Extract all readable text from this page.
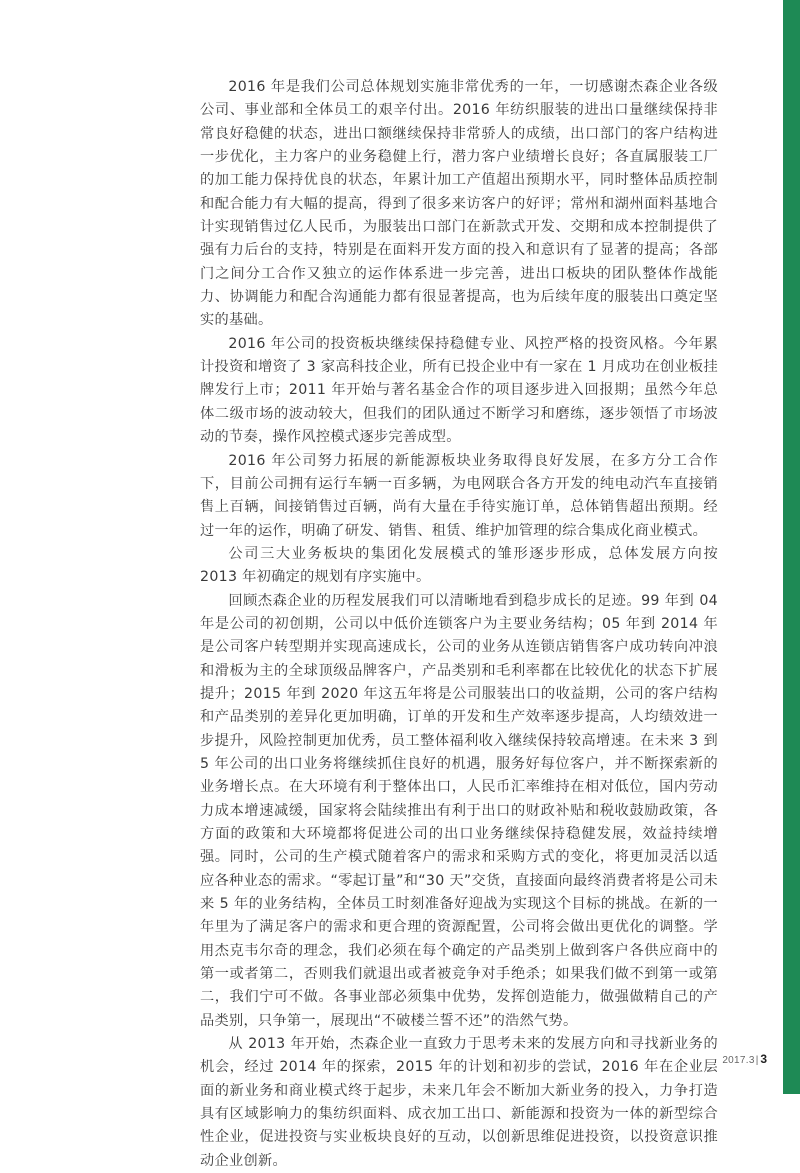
2016 年是我们公司总体规划实施非常优秀的一年，一切感谢杰森企业各级公司、事业部和全体员工的艰辛付出。2016 年纺织服装的进出口量继续保持非常良好稳健的状态，进出口额继续保持非常骄人的成绩，出口部门的客户结构进一步优化，主力客户的业务稳健上行，潜力客户业绩增长良好；各直属服装工厂的加工能力保持优良的状态，年累计加工产值超出预期水平，同时整体品质控制和配合能力有大幅的提高，得到了很多来访客户的好评；常州和湖州面料基地合计实现销售过亿人民币，为服装出口部门在新款式开发、交期和成本控制提供了强有力后台的支持，特别是在面料开发方面的投入和意识有了显著的提高；各部门之间分工合作又独立的运作体系进一步完善，进出口板块的团队整体作战能力、协调能力和配合沟通能力都有很显著提高，也为后续年度的服装出口奠定坚实的基础。

2016 年公司的投资板块继续保持稳健专业、风控严格的投资风格。今年累计投资和增资了 3 家高科技企业，所有已投企业中有一家在 1 月成功在创业板挂牌发行上市；2011 年开始与著名基金合作的项目逐步进入回报期；虽然今年总体二级市场的波动较大，但我们的团队通过不断学习和磨练，逐步领悟了市场波动的节奏，操作风控模式逐步完善成型。

2016 年公司努力拓展的新能源板块业务取得良好发展，在多方分工合作下，目前公司拥有运行车辆一百多辆，为电网联合各方开发的纯电动汽车直接销售上百辆，间接销售过百辆，尚有大量在手待实施订单，总体销售超出预期。经过一年的运作，明确了研发、销售、租赁、维护加管理的综合集成化商业模式。

公司三大业务板块的集团化发展模式的雏形逐步形成，总体发展方向按 2013 年初确定的规划有序实施中。

回顾杰森企业的历程发展我们可以清晰地看到稳步成长的足迹。99 年到 04 年是公司的初创期，公司以中低价连锁客户为主要业务结构；05 年到 2014 年是公司客户转型期并实现高速成长，公司的业务从连锁店销售客户成功转向冲浪和滑板为主的全球顶级品牌客户，产品类别和毛利率都在比较优化的状态下扩展提升；2015 年到 2020 年这五年将是公司服装出口的收益期，公司的客户结构和产品类别的差异化更加明确，订单的开发和生产效率逐步提高，人均绩效进一步提升，风险控制更加优秀，员工整体福利收入继续保持较高增速。在未来 3 到 5 年公司的出口业务将继续抓住良好的机遇，服务好每位客户，并不断探索新的业务增长点。在大环境有利于整体出口，人民币汇率维持在相对低位，国内劳动力成本增速减缓，国家将会陆续推出有利于出口的财政补贴和税收鼓励政策，各方面的政策和大环境都将促进公司的出口业务继续保持稳健发展，效益持续增强。同时，公司的生产模式随着客户的需求和采购方式的变化，将更加灵活以适应各种业态的需求。“零起订量”和“30 天”交货，直接面向最终消费者将是公司未来 5 年的业务结构，全体员工时刻准备好迎战为实现这个目标的挑战。在新的一年里为了满足客户的需求和更合理的资源配置，公司将会做出更优化的调整。学用杰克韦尔奇的理念，我们必须在每个确定的产品类别上做到客户各供应商中的第一或者第二，否则我们就退出或者被竞争对手绝杀；如果我们做不到第一或第二，我们宁可不做。各事业部必须集中优势，发挥创造能力，做强做精自己的产品类别，只争第一，展现出“不破楼兰誓不还”的浩然气势。

从 2013 年开始，杰森企业一直致力于思考未来的发展方向和寻找新业务的机会，经过 2014 年的探索，2015 年的计划和初步的尝试，2016 年在企业层面的新业务和商业模式终于起步，未来几年会不断加大新业务的投入，力争打造具有区域影响力的集纺织面料、成衣加工出口、新能源和投资为一体的新型综合性企业，促进投资与实业板块良好的互动，以创新思维促进投资，以投资意识推动企业创新。

2017.3 | 3
